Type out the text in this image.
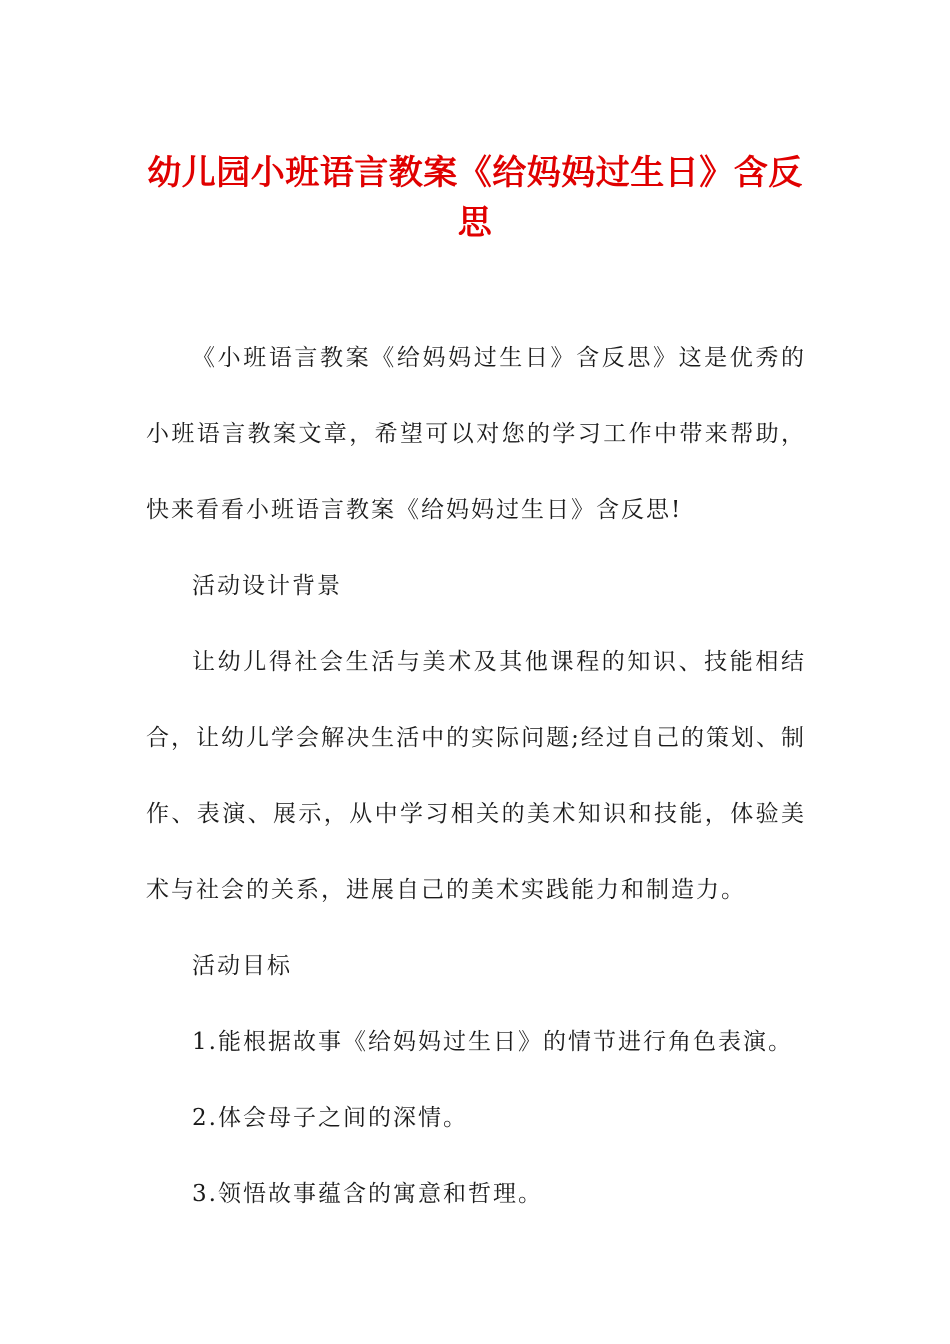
幼儿园小班语言教案《给妈妈过生日》含反思

《小班语言教案《给妈妈过生日》含反思》这是优秀的小班语言教案文章，希望可以对您的学习工作中带来帮助，快来看看小班语言教案《给妈妈过生日》含反思!

活动设计背景

让幼儿得社会生活与美术及其他课程的知识、技能相结合，让幼儿学会解决生活中的实际问题;经过自己的策划、制作、表演、展示，从中学习相关的美术知识和技能，体验美术与社会的关系，进展自己的美术实践能力和制造力。

活动目标

1.能根据故事《给妈妈过生日》的情节进行角色表演。

2.体会母子之间的深情。

3.领悟故事蕴含的寓意和哲理。
